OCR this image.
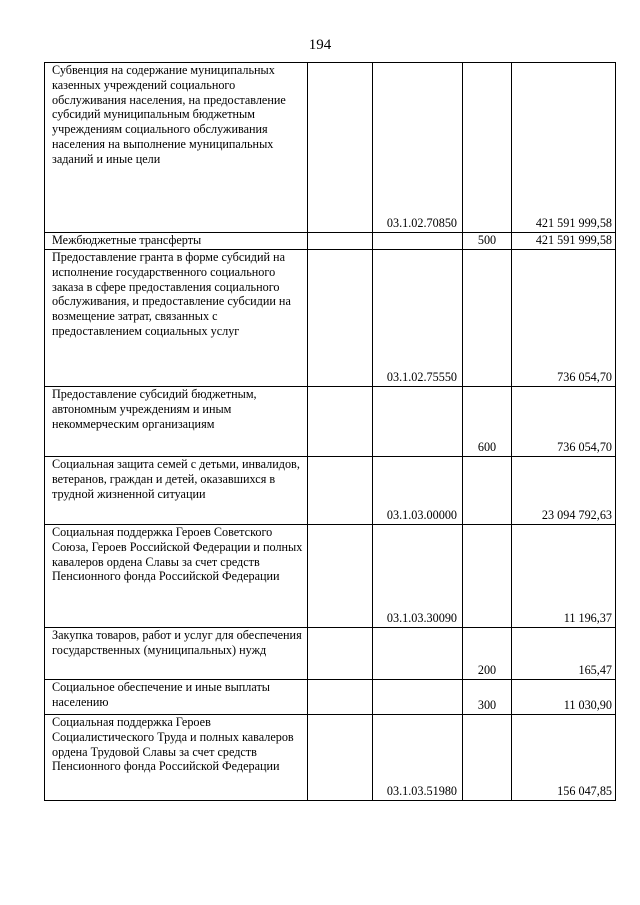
194
Субвенция на содержание муниципальных казенных учреждений социального обслуживания населения, на предоставление субсидий муниципальным бюджетным учреждениям социального обслуживания населения на выполнение муниципальных заданий и иные цели		03.1.02.70850		421 591 999,58
Межбюджетные трансферты			500	421 591 999,58
Предоставление гранта в форме субсидий на исполнение государственного социального заказа в сфере предоставления социального обслуживания, и предоставление субсидии на возмещение затрат, связанных с предоставлением социальных услуг		03.1.02.75550		736 054,70
Предоставление субсидий бюджетным, автономным учреждениям и иным некоммерческим организациям			600	736 054,70
Социальная защита семей с детьми, инвалидов, ветеранов, граждан и детей, оказавшихся в трудной жизненной ситуации		03.1.03.00000		23 094 792,63
Социальная поддержка Героев Советского Союза, Героев Российской Федерации и полных кавалеров ордена Славы за счет средств Пенсионного фонда Российской Федерации		03.1.03.30090		11 196,37
Закупка товаров, работ и услуг для обеспечения государственных (муниципальных) нужд			200	165,47
Социальное обеспечение и иные выплаты населению			300	11 030,90
Социальная поддержка Героев Социалистического Труда и полных кавалеров ордена Трудовой Славы за счет средств Пенсионного фонда Российской Федерации		03.1.03.51980		156 047,85
